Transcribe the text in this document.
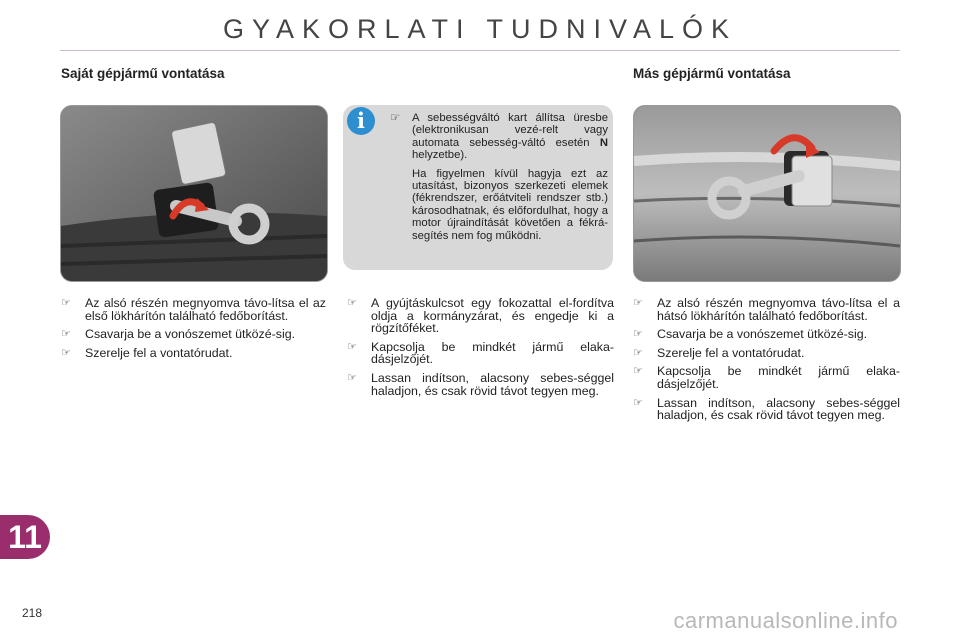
GYAKORLATI TUDNIVALÓK
Saját gépjármű vontatása
☞ Az alsó részén megnyomva távo-lítsa el az első lökhárítón található fedőborítást.
☞ Csavarja be a vonószemet ütközé-sig.
☞ Szerelje fel a vontatórudat.
i	☞ A sebességváltó kart állítsa üresbe (elektronikusan vezé-relt vagy automata sebesség-váltó esetén N helyzetbe).

Ha figyelmen kívül hagyja ezt az utasítást, bizonyos szerkezeti elemek (fékrendszer, erőátviteli rendszer stb.) károsodhatnak, és előfordulhat, hogy a motor újraindítását követően a fékrá-segítés nem fog működni.

☞ A gyújtáskulcsot egy fokozattal el-fordítva oldja a kormányzárat, és engedje ki a rögzítőféket.
☞ Kapcsolja be mindkét jármű elaka-dásjelzőjét.
☞ Lassan indítson, alacsony sebes-séggel haladjon, és csak rövid távot tegyen meg.
Más gépjármű vontatása
☞ Az alsó részén megnyomva távo-lítsa el a hátsó lökhárítón található fedőborítást.
☞ Csavarja be a vonószemet ütközé-sig.
☞ Szerelje fel a vontatórudat.
☞ Kapcsolja be mindkét jármű elaka-dásjelzőjét.
☞ Lassan indítson, alacsony sebes-séggel haladjon, és csak rövid távot tegyen meg.
11
218	carmanualsonline.info
